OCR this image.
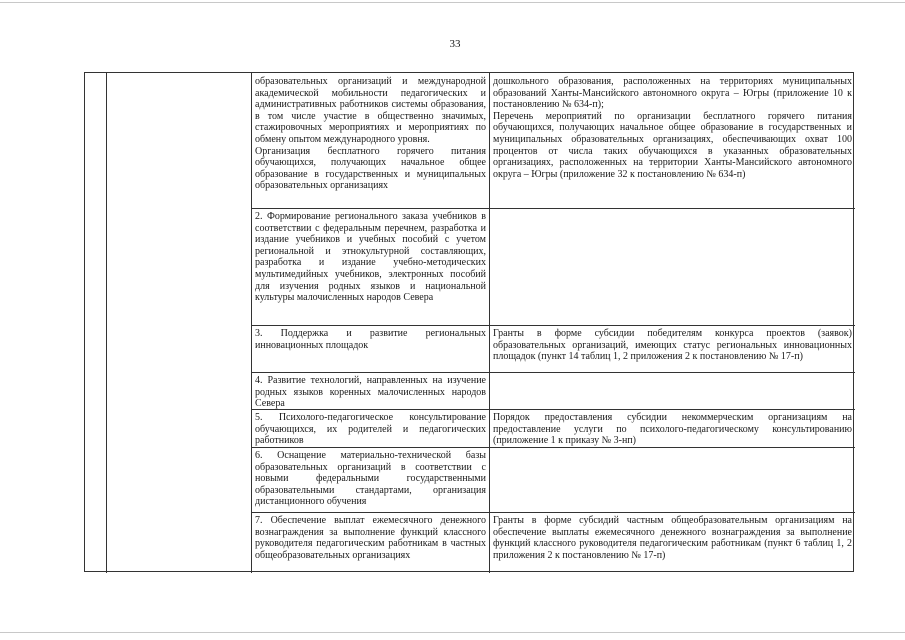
33
образовательных организаций и международной академической мобильности педагогических и административных работников системы образования, в том числе участие в общественно значимых, стажировочных мероприятиях и мероприятиях по обмену опытом международного уровня.
Организация бесплатного горячего питания обучающихся, получающих начальное общее образование в государственных и муниципальных образовательных организациях
дошкольного образования, расположенных на территориях муниципальных образований Ханты-Мансийского автономного округа – Югры (приложение 10 к постановлению № 634-п);
Перечень мероприятий по организации бесплатного горячего питания обучающихся, получающих начальное общее образование в государственных и муниципальных образовательных организациях, обеспечивающих охват 100 процентов от числа таких обучающихся в указанных образовательных организациях, расположенных на территории Ханты-Мансийского автономного округа – Югры (приложение 32 к постановлению № 634-п)
2. Формирование регионального заказа учебников в соответствии с федеральным перечнем, разработка и издание учебников и учебных пособий с учетом региональной и этнокультурной составляющих, разработка и издание учебно-методических мультимедийных учебников, электронных пособий для изучения родных языков и национальной культуры малочисленных народов Севера
3. Поддержка и развитие региональных инновационных площадок
Гранты в форме субсидии победителям конкурса проектов (заявок) образовательных организаций, имеющих статус региональных инновационных площадок (пункт 14 таблиц 1, 2 приложения 2 к постановлению № 17-п)
4. Развитие технологий, направленных на изучение родных языков коренных малочисленных народов Севера
5. Психолого-педагогическое консультирование обучающихся, их родителей и педагогических работников
Порядок предоставления субсидии некоммерческим организациям на предоставление услуги по психолого-педагогическому консультированию (приложение 1 к приказу № 3-нп)
6. Оснащение материально-технической базы образовательных организаций в соответствии с новыми федеральными государственными образовательными стандартами, организация дистанционного обучения
7. Обеспечение выплат ежемесячного денежного вознаграждения за выполнение функций классного руководителя педагогическим работникам в частных общеобразовательных организациях
Гранты в форме субсидий частным общеобразовательным организациям на обеспечение выплаты ежемесячного денежного вознаграждения за выполнение функций классного руководителя педагогическим работникам (пункт 6 таблиц 1, 2 приложения 2 к постановлению № 17-п)
